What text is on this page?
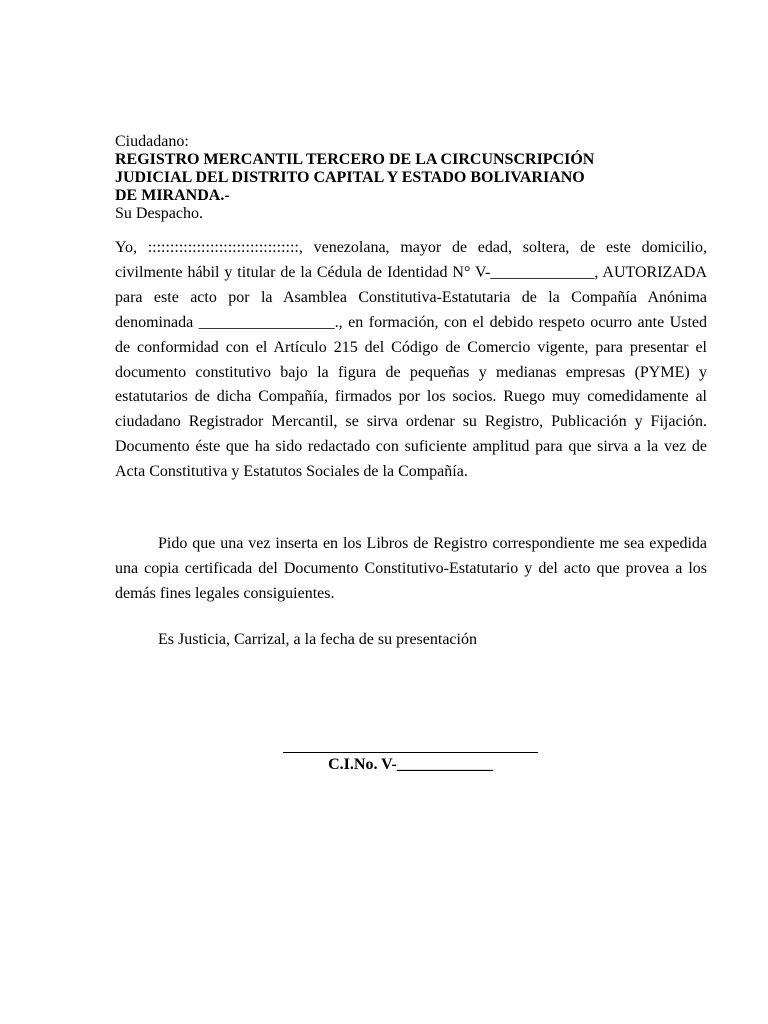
Ciudadano:
REGISTRO MERCANTIL TERCERO DE LA CIRCUNSCRIPCIÓN
JUDICIAL DEL DISTRITO CAPITAL Y ESTADO BOLIVARIANO
DE MIRANDA.-
Su Despacho.

Yo, ::::::::::::::::::::::::::::::::::, venezolana, mayor de edad, soltera, de este domicilio, civilmente hábil y titular de la Cédula de Identidad N° V-_____________, AUTORIZADA para este acto por la Asamblea Constitutiva-Estatutaria de la Compañía Anónima denominada _________________., en formación, con el debido respeto ocurro ante Usted de conformidad con el Artículo 215 del Código de Comercio vigente, para presentar el documento constitutivo bajo la figura de pequeñas y medianas empresas (PYME) y estatutarios de dicha Compañía, firmados por los socios. Ruego muy comedidamente al ciudadano Registrador Mercantil, se sirva ordenar su Registro, Publicación y Fijación. Documento éste que ha sido redactado con suficiente amplitud para que sirva a la vez de Acta Constitutiva y Estatutos Sociales de la Compañía.

Pido que una vez inserta en los Libros de Registro correspondiente me sea expedida una copia certificada del Documento Constitutivo-Estatutario y del acto que provea a los demás fines legales consiguientes.

Es Justicia, Carrizal, a la fecha de su presentación

C.I.No. V-____________
